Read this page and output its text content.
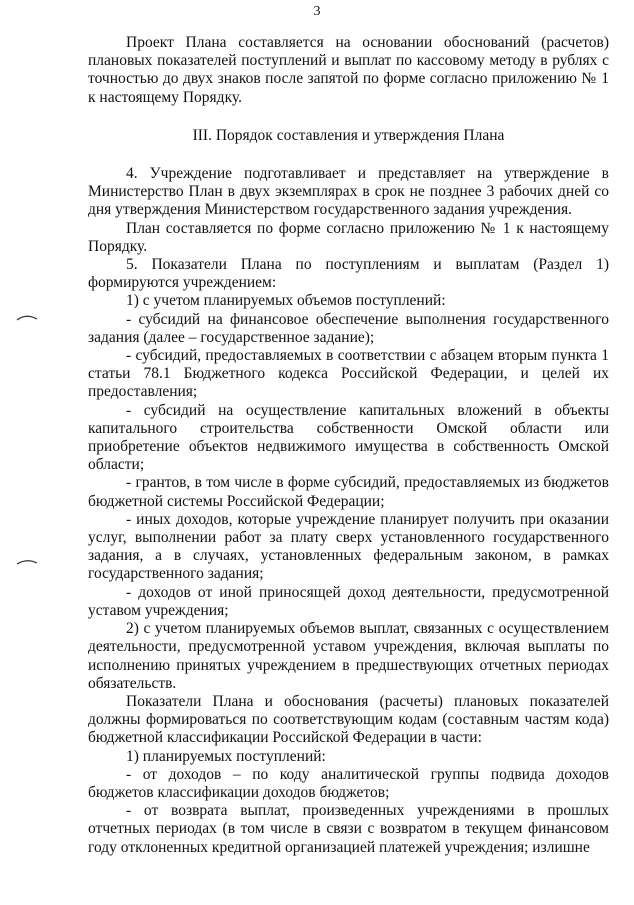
3

Проект Плана составляется на основании обоснований (расчетов) плановых показателей поступлений и выплат по кассовому методу в рублях с точностью до двух знаков после запятой по форме согласно приложению № 1 к настоящему Порядку.

III. Порядок составления и утверждения Плана

4. Учреждение подготавливает и представляет на утверждение в Министерство План в двух экземплярах в срок не позднее 3 рабочих дней со дня утверждения Министерством государственного задания учреждения.

План составляется по форме согласно приложению № 1 к настоящему Порядку.

5. Показатели Плана по поступлениям и выплатам (Раздел 1) формируются учреждением:

1) с учетом планируемых объемов поступлений:

- субсидий на финансовое обеспечение выполнения государственного задания (далее – государственное задание);

- субсидий, предоставляемых в соответствии с абзацем вторым пункта 1 статьи 78.1 Бюджетного кодекса Российской Федерации, и целей их предоставления;

- субсидий на осуществление капитальных вложений в объекты капитального строительства собственности Омской области или приобретение объектов недвижимого имущества в собственность Омской области;

- грантов, в том числе в форме субсидий, предоставляемых из бюджетов бюджетной системы Российской Федерации;

- иных доходов, которые учреждение планирует получить при оказании услуг, выполнении работ за плату сверх установленного государственного задания, а в случаях, установленных федеральным законом, в рамках государственного задания;

- доходов от иной приносящей доход деятельности, предусмотренной уставом учреждения;

2) с учетом планируемых объемов выплат, связанных с осуществлением деятельности, предусмотренной уставом учреждения, включая выплаты по исполнению принятых учреждением в предшествующих отчетных периодах обязательств.

Показатели Плана и обоснования (расчеты) плановых показателей должны формироваться по соответствующим кодам (составным частям кода) бюджетной классификации Российской Федерации в части:

1) планируемых поступлений:

- от доходов – по коду аналитической группы подвида доходов бюджетов классификации доходов бюджетов;

- от возврата выплат, произведенных учреждениями в прошлых отчетных периодах (в том числе в связи с возвратом в текущем финансовом году отклоненных кредитной организацией платежей учреждения; излишне
